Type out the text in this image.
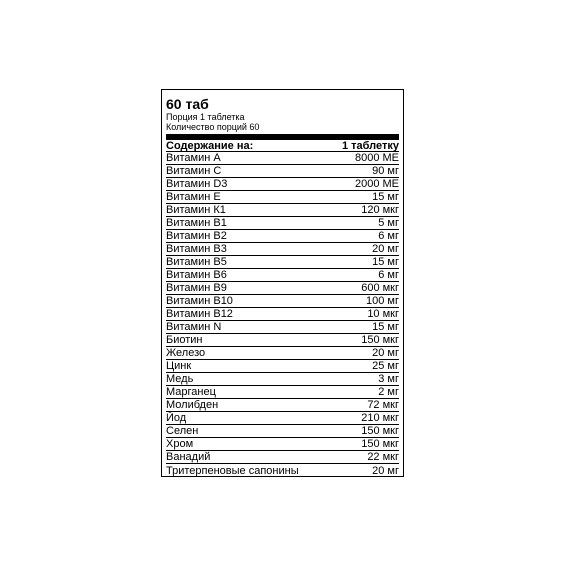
60 таб
Порция 1 таблетка
Количество порций 60
Содержание на:	1 таблетку
Витамин А	8000 МЕ
Витамин С	90 мг
Витамин D3	2000 МЕ
Витамин Е	15 мг
Витамин К1	120 мкг
Витамин В1	5 мг
Витамин В2	6 мг
Витамин В3	20 мг
Витамин В5	15 мг
Витамин В6	6 мг
Витамин В9	600 мкг
Витамин В10	100 мг
Витамин В12	10 мкг
Витамин N	15 мг
Биотин	150 мкг
Железо	20 мг
Цинк	25 мг
Медь	3 мг
Марганец	2 мг
Молибден	72 мкг
Йод	210 мкг
Селен	150 мкг
Хром	150 мкг
Ванадий	22 мкг
Тритерпеновые сапонины	20 мг
